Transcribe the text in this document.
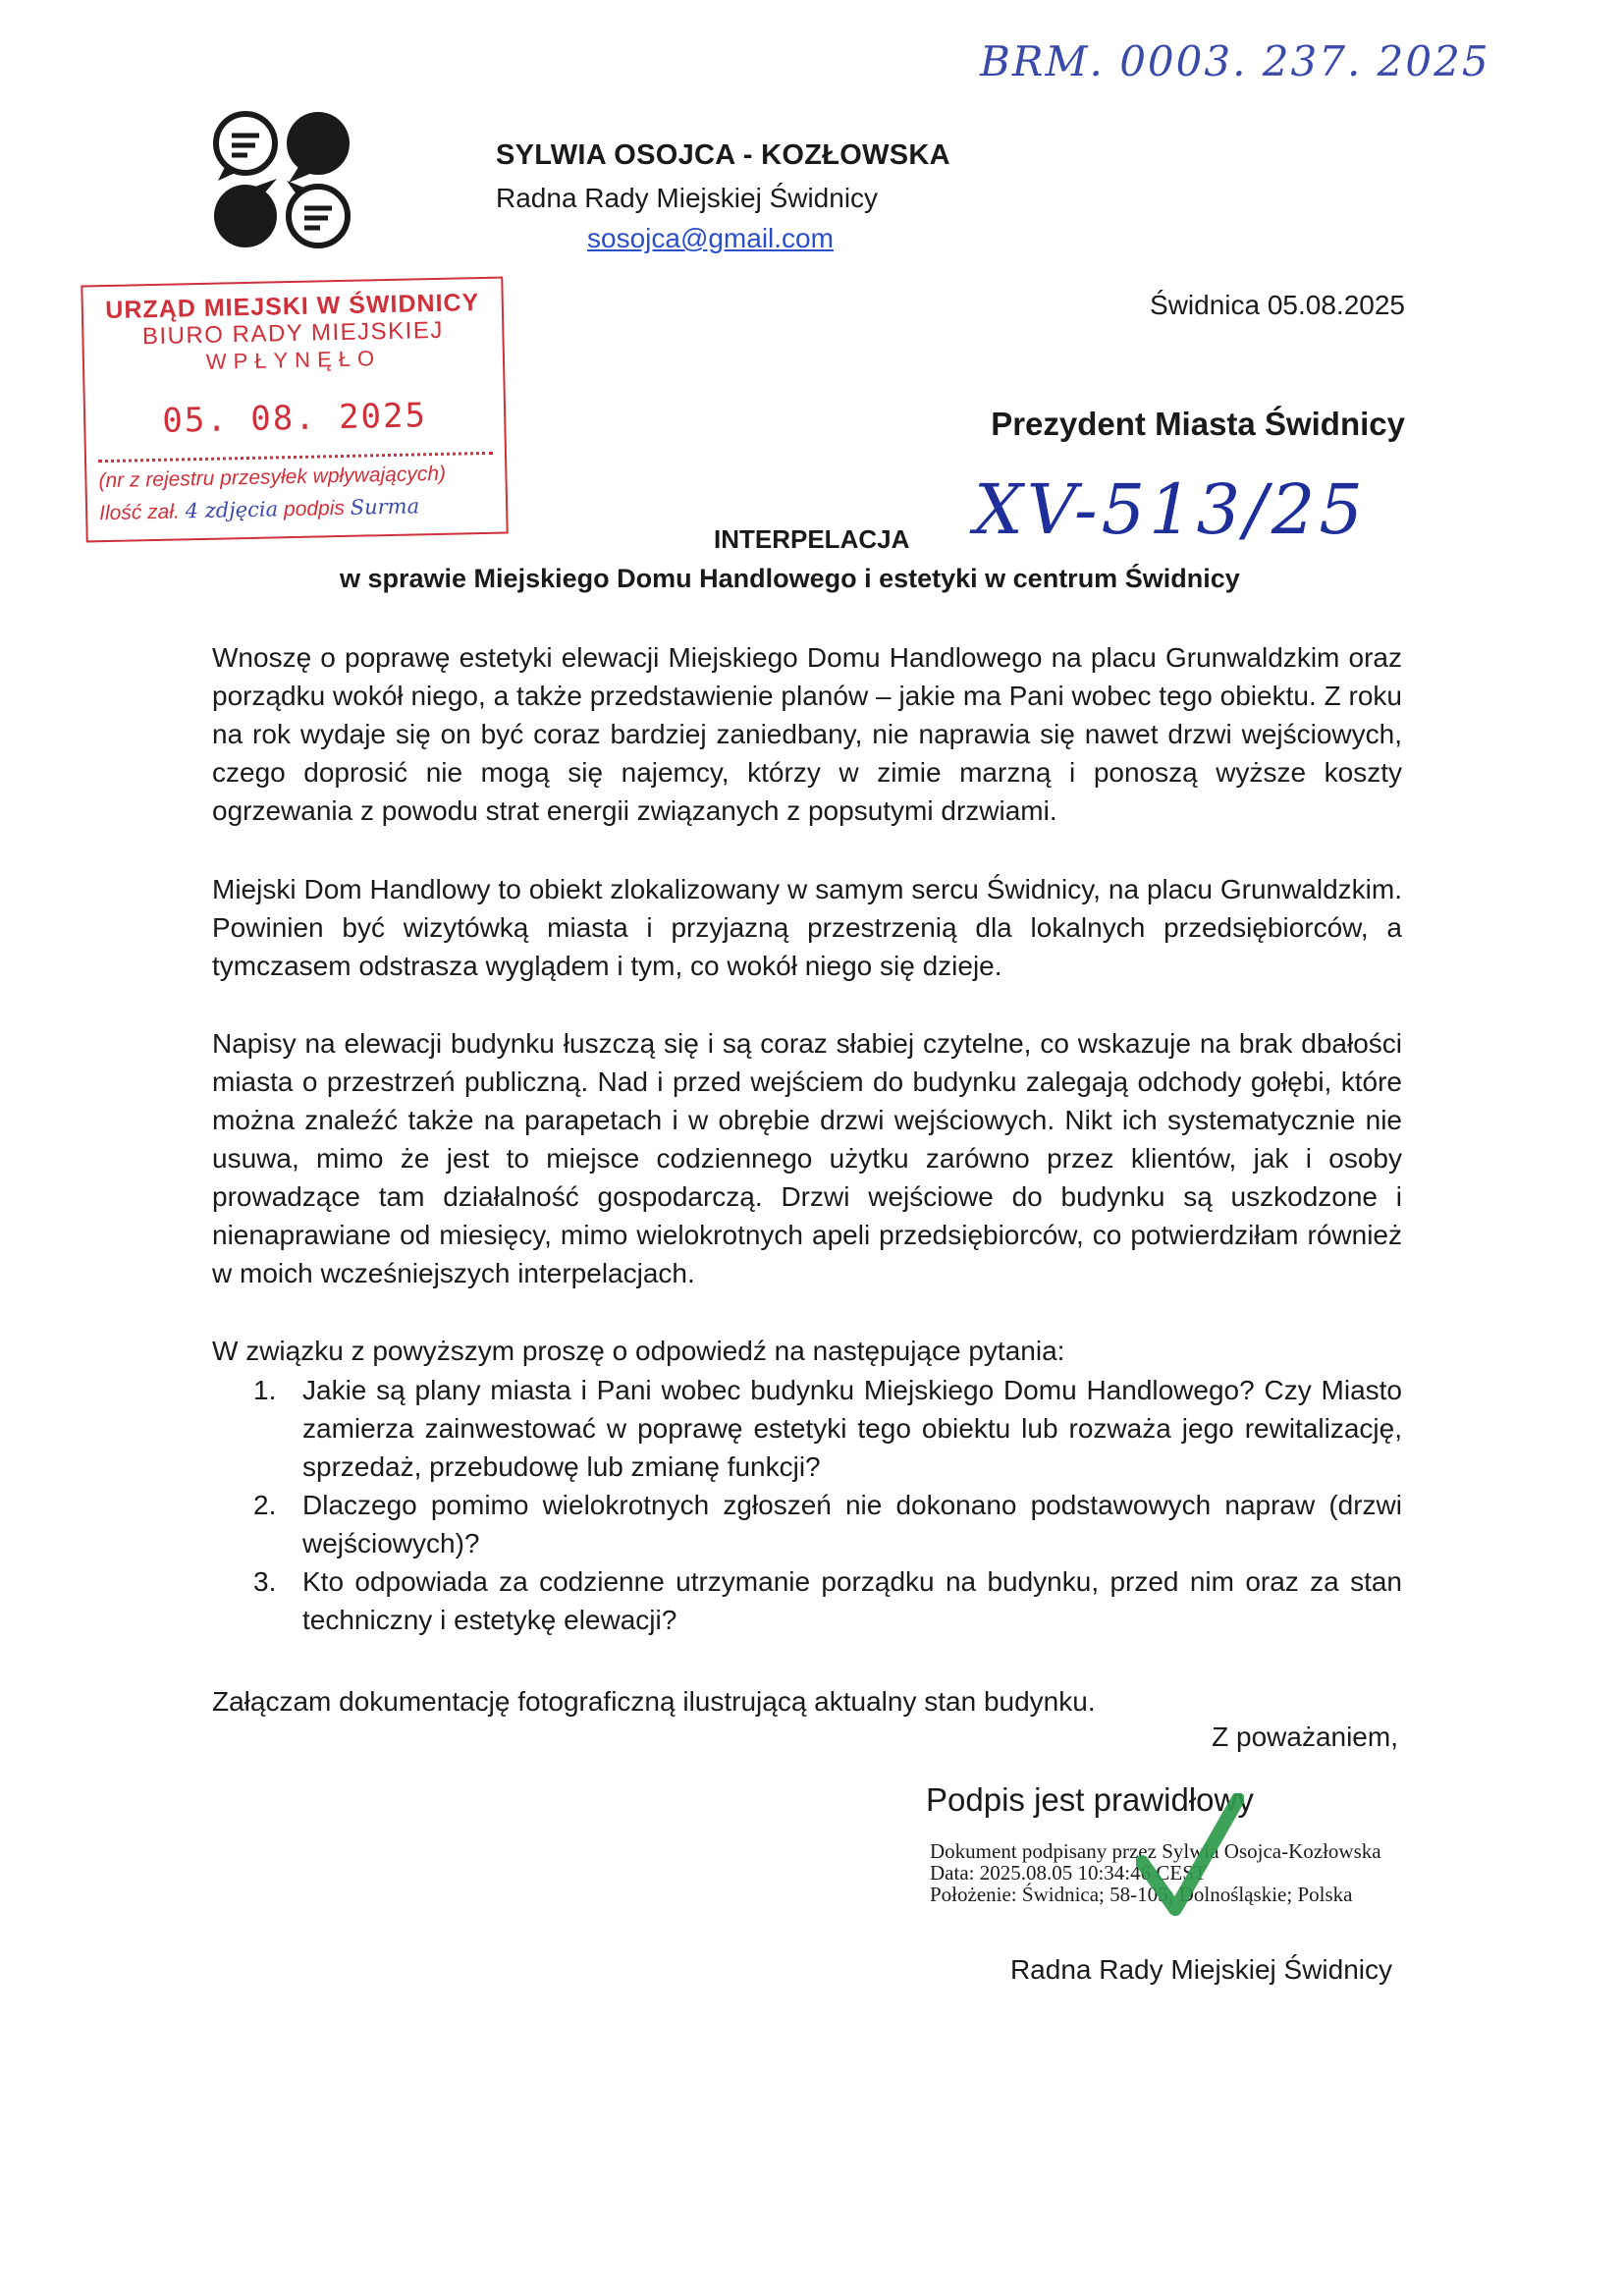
BRM. 0003. 237. 2025
SYLWIA OSOJCA - KOZŁOWSKA
Radna Rady Miejskiej Świdnicy
sosojca@gmail.com
Świdnica 05.08.2025
URZĄD MIEJSKI W ŚWIDNICY
BIURO RADY MIEJSKIEJ
WPŁYNĘŁO
05. 08. 2025
(nr z rejestru przesyłek wpływających)
Ilość zał. 4 zdjęcia podpis Surma
Prezydent Miasta Świdnicy
XV-513/25
INTERPELACJA
w sprawie Miejskiego Domu Handlowego i estetyki w centrum Świdnicy

Wnoszę o poprawę estetyki elewacji Miejskiego Domu Handlowego na placu Grunwaldzkim oraz porządku wokół niego, a także przedstawienie planów – jakie ma Pani wobec tego obiektu. Z roku na rok wydaje się on być coraz bardziej zaniedbany, nie naprawia się nawet drzwi wejściowych, czego doprosić nie mogą się najemcy, którzy w zimie marzną i ponoszą wyższe koszty ogrzewania z powodu strat energii związanych z popsutymi drzwiami.

Miejski Dom Handlowy to obiekt zlokalizowany w samym sercu Świdnicy, na placu Grunwaldzkim. Powinien być wizytówką miasta i przyjazną przestrzenią dla lokalnych przedsiębiorców, a tymczasem odstrasza wyglądem i tym, co wokół niego się dzieje.

Napisy na elewacji budynku łuszczą się i są coraz słabiej czytelne, co wskazuje na brak dbałości miasta o przestrzeń publiczną. Nad i przed wejściem do budynku zalegają odchody gołębi, które można znaleźć także na parapetach i w obrębie drzwi wejściowych. Nikt ich systematycznie nie usuwa, mimo że jest to miejsce codziennego użytku zarówno przez klientów, jak i osoby prowadzące tam działalność gospodarczą. Drzwi wejściowe do budynku są uszkodzone i nienaprawiane od miesięcy, mimo wielokrotnych apeli przedsiębiorców, co potwierdziłam również w moich wcześniejszych interpelacjach.

W związku z powyższym proszę o odpowiedź na następujące pytania:

1. Jakie są plany miasta i Pani wobec budynku Miejskiego Domu Handlowego? Czy Miasto zamierza zainwestować w poprawę estetyki tego obiektu lub rozważa jego rewitalizację, sprzedaż, przebudowę lub zmianę funkcji?
2. Dlaczego pomimo wielokrotnych zgłoszeń nie dokonano podstawowych napraw (drzwi wejściowych)?
3. Kto odpowiada za codzienne utrzymanie porządku na budynku, przed nim oraz za stan techniczny i estetykę elewacji?

Załączam dokumentację fotograficzną ilustrującą aktualny stan budynku.

Z poważaniem,
Podpis jest prawidłowy
Dokument podpisany przez Sylwia Osojca-Kozłowska
Data: 2025.08.05 10:34:46 CEST
Położenie: Świdnica; 58-105; Dolnośląskie; Polska
Radna Rady Miejskiej Świdnicy
